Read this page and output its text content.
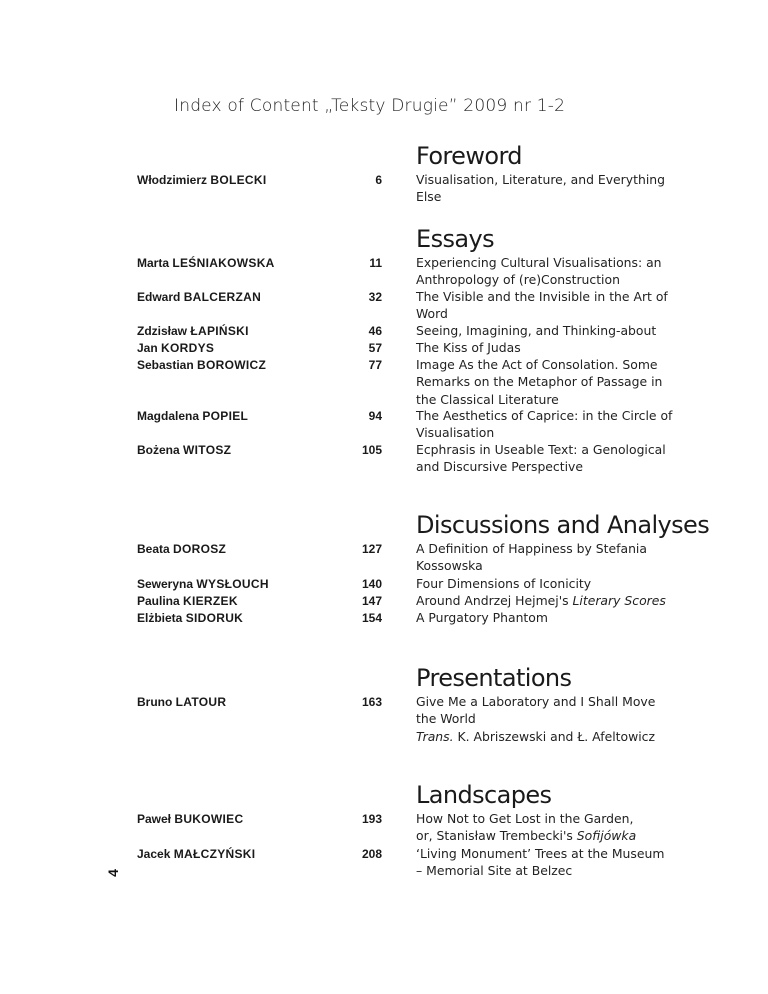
Index of Content „Teksty Drugie” 2009 nr 1-2
Foreword
Włodzimierz BOLECKI	6	Visualisation, Literature, and Everything
Else
Essays
Marta LEŚNIAKOWSKA	11	Experiencing Cultural Visualisations: an
Anthropology of (re)Construction
Edward BALCERZAN	32	The Visible and the Invisible in the Art of
Word
Zdzisław ŁAPIŃSKI	46	Seeing, Imagining, and Thinking-about
Jan KORDYS	57	The Kiss of Judas
Sebastian BOROWICZ	77	Image As the Act of Consolation. Some
Remarks on the Metaphor of Passage in
the Classical Literature
Magdalena POPIEL	94	The Aesthetics of Caprice: in the Circle of
Visualisation
Bożena WITOSZ	105	Ecphrasis in Useable Text: a Genological
and Discursive Perspective
Discussions and Analyses
Beata DOROSZ	127	A Definition of Happiness by Stefania
Kossowska
Seweryna WYSŁOUCH	140	Four Dimensions of Iconicity
Paulina KIERZEK	147	Around Andrzej Hejmej's Literary Scores
Elżbieta SIDORUK	154	A Purgatory Phantom
Presentations
Bruno LATOUR	163	Give Me a Laboratory and I Shall Move
the World
Trans. K. Abriszewski and Ł. Afeltowicz
Landscapes
Paweł BUKOWIEC	193	How Not to Get Lost in the Garden,
or, Stanisław Trembecki's Sofijówka
Jacek MAŁCZYŃSKI	208	‘Living Monument’ Trees at the Museum
– Memorial Site at Belzec
4
